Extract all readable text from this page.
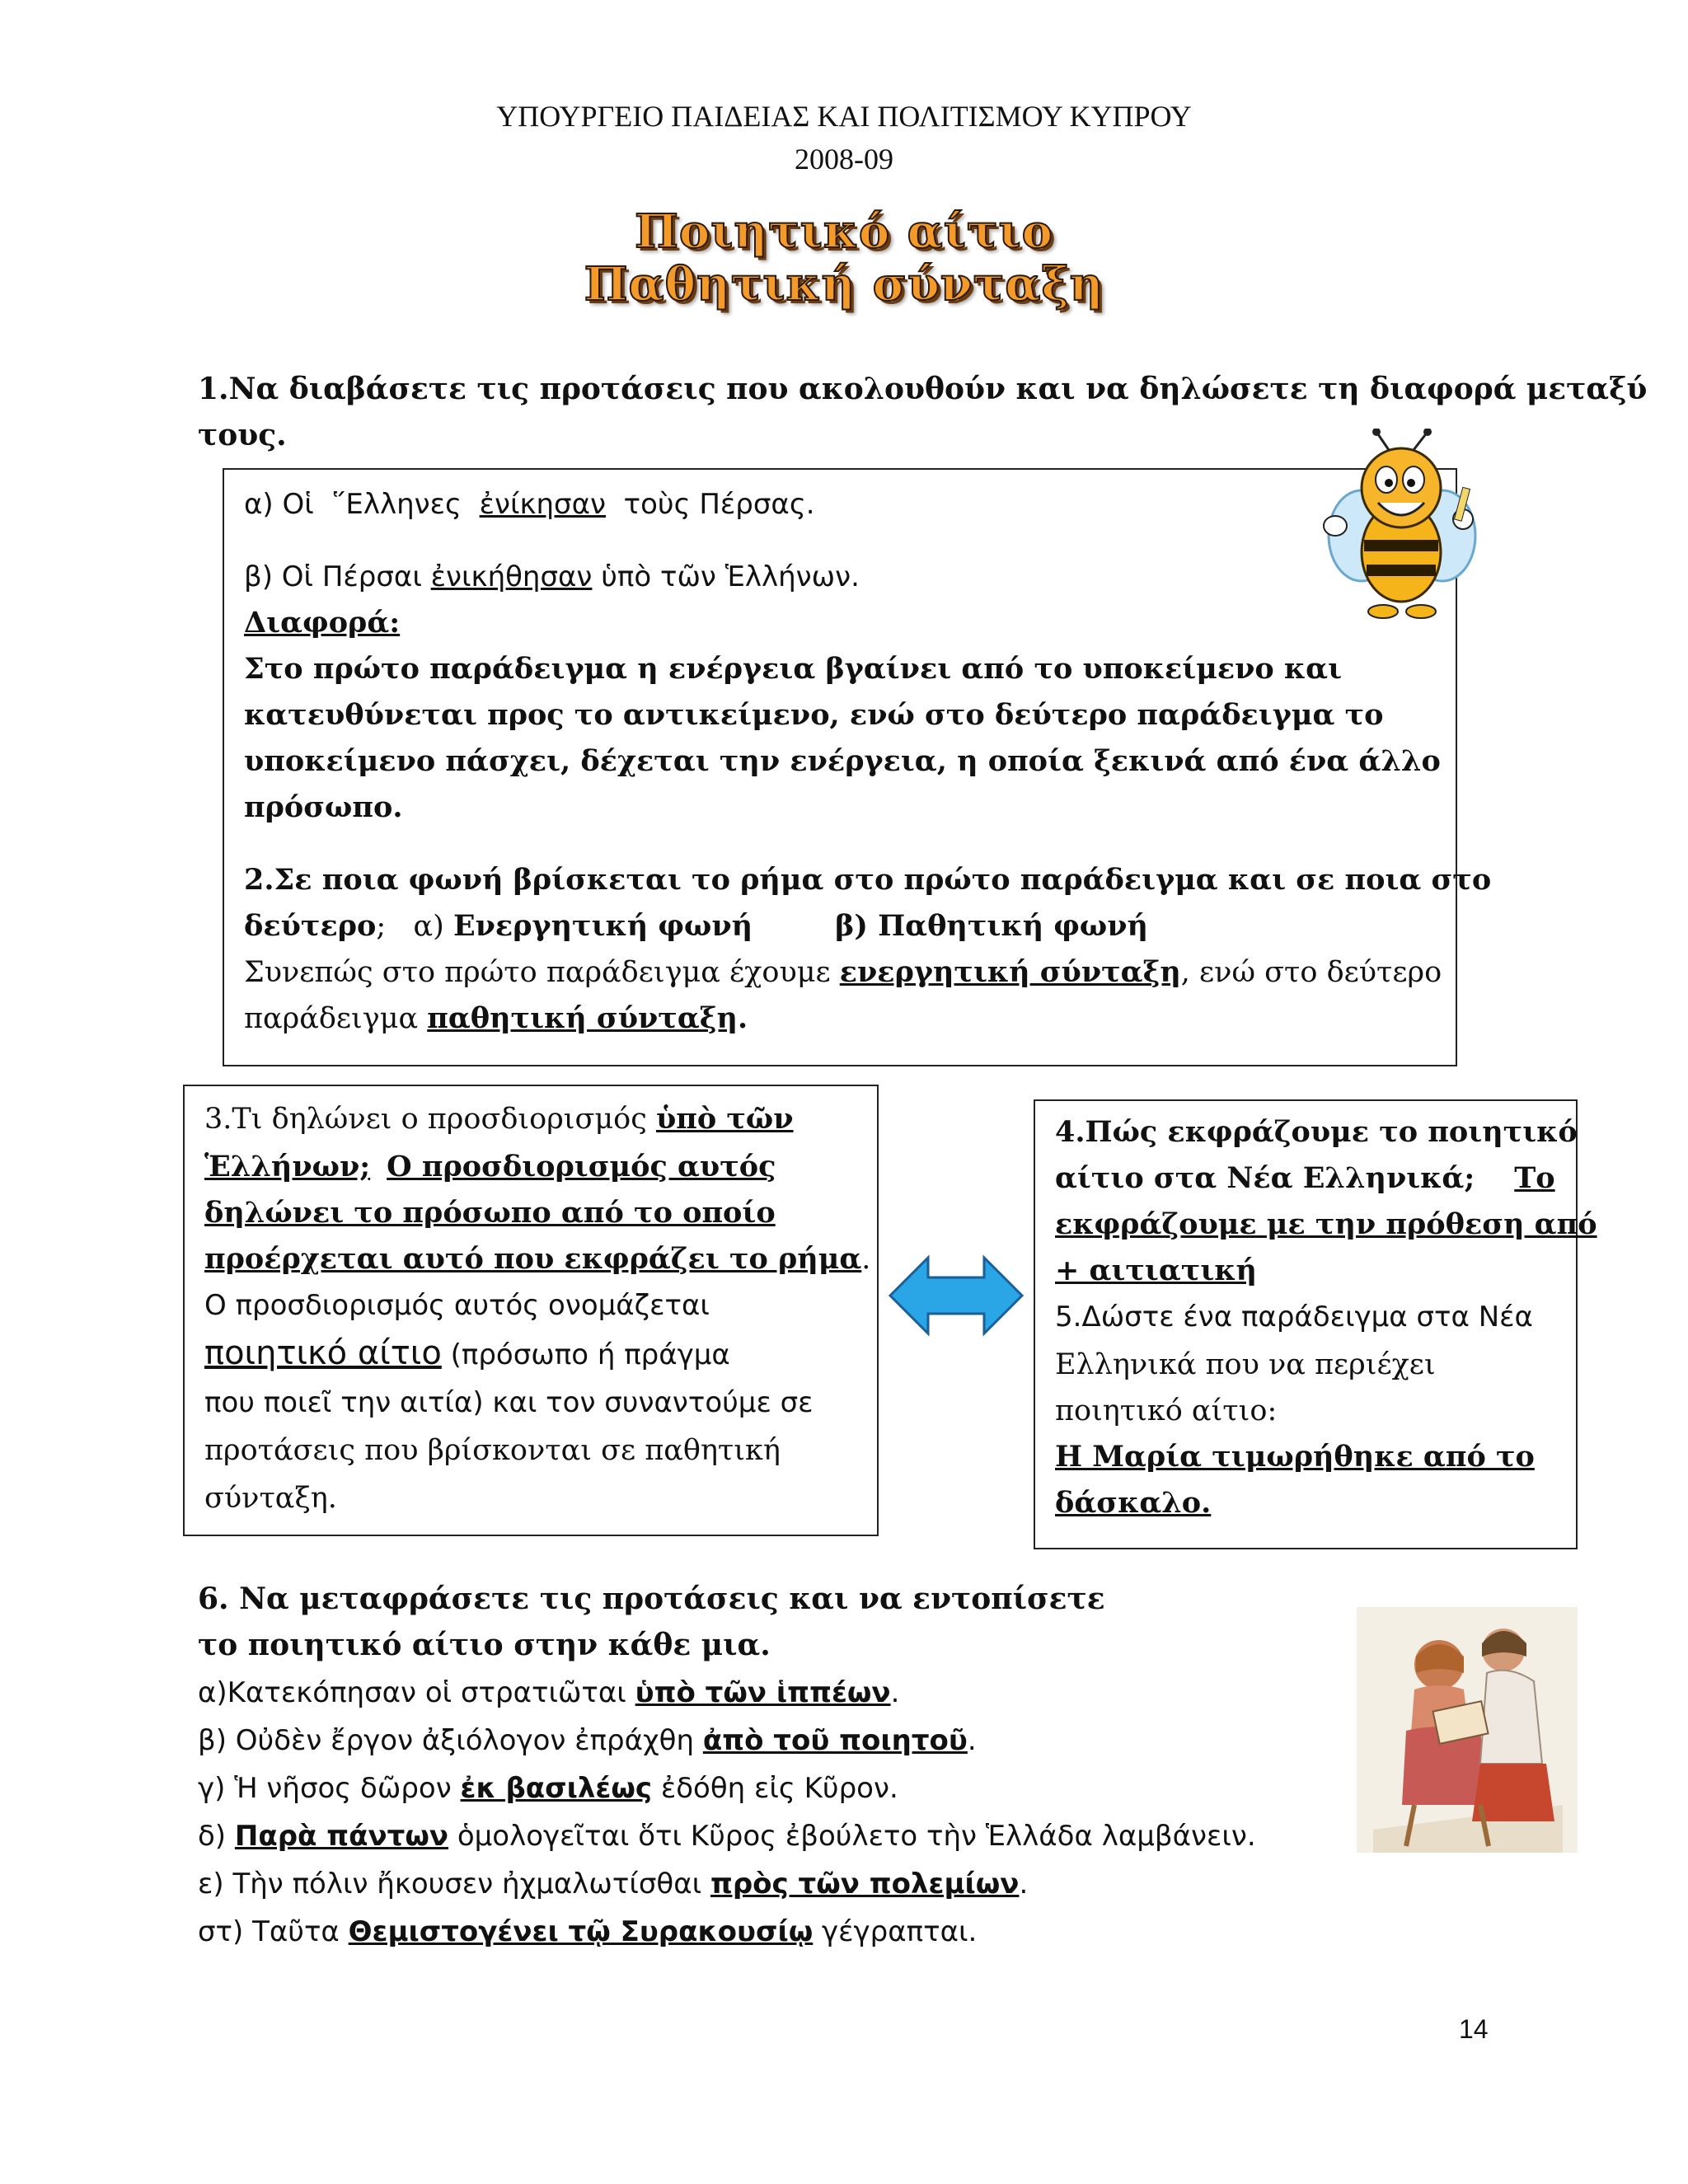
ΥΠΟΥΡΓΕΙΟ ΠΑΙΔΕΙΑΣ ΚΑΙ ΠΟΛΙΤΙΣΜΟΥ ΚΥΠΡΟΥ
2008-09
Ποιητικό αίτιο
Παθητική σύνταξη
1.Να διαβάσετε τις προτάσεις που ακολουθούν και να δηλώσετε τη διαφορά μεταξύ
τους.
α) Οἱ  ῞Ελληνες  ἐνίκησαν  τοὺς Πέρσας.
β) Οἱ Πέρσαι ἐνικήθησαν ὑπὸ τῶν Ἑλλήνων.
Διαφορά:
Στο πρώτο παράδειγμα η ενέργεια βγαίνει από το υποκείμενο και
κατευθύνεται προς το αντικείμενο, ενώ στο δεύτερο παράδειγμα το
υποκείμενο πάσχει, δέχεται την ενέργεια, η οποία ξεκινά από ένα άλλο
πρόσωπο.
2.Σε ποια φωνή βρίσκεται το ρήμα στο πρώτο παράδειγμα και σε ποια στο
δεύτερο;   α) Ενεργητική φωνή	β) Παθητική φωνή
Συνεπώς στο πρώτο παράδειγμα έχουμε ενεργητική σύνταξη, ενώ στο δεύτερο
παράδειγμα παθητική σύνταξη.
3.Τι δηλώνει ο προσδιορισμός ὑπὸ τῶν
Ἑλλήνων; Ο προσδιορισμός αυτός
δηλώνει το πρόσωπο από το οποίο
προέρχεται αυτό που εκφράζει το ρήμα.
Ο προσδιορισμός αυτός ονομάζεται
ποιητικό αίτιο (πρόσωπο ή πράγμα
που ποιεῖ την αιτία) και τον συναντούμε σε
προτάσεις που βρίσκονται σε παθητική
σύνταξη.
4.Πώς εκφράζουμε το ποιητικό
αίτιο στα Νέα Ελληνικά; Το
εκφράζουμε με την πρόθεση από
+ αιτιατική
5.Δώστε ένα παράδειγμα στα Νέα
Ελληνικά που να περιέχει
ποιητικό αίτιο:
Η Μαρία τιμωρήθηκε από το
δάσκαλο.
6. Να μεταφράσετε τις προτάσεις και να εντοπίσετε
το ποιητικό αίτιο στην κάθε μια.
α)Κατεκόπησαν οἱ στρατιῶται ὑπὸ τῶν ἱππέων.
β) Οὐδὲν ἔργον ἀξιόλογον ἐπράχθη ἀπὸ τοῦ ποιητοῦ.
γ) Ἡ νῆσος δῶρον ἐκ βασιλέως ἐδόθη εἰς Κῦρον.
δ) Παρὰ πάντων ὁμολογεῖται ὅτι Κῦρος ἐβούλετο τὴν Ἑλλάδα λαμβάνειν.
ε) Τὴν πόλιν ἤκουσεν ἠχμαλωτίσθαι πρὸς τῶν πολεμίων.
στ) Ταῦτα Θεμιστογένει τῷ Συρακουσίῳ γέγραπται.
14
